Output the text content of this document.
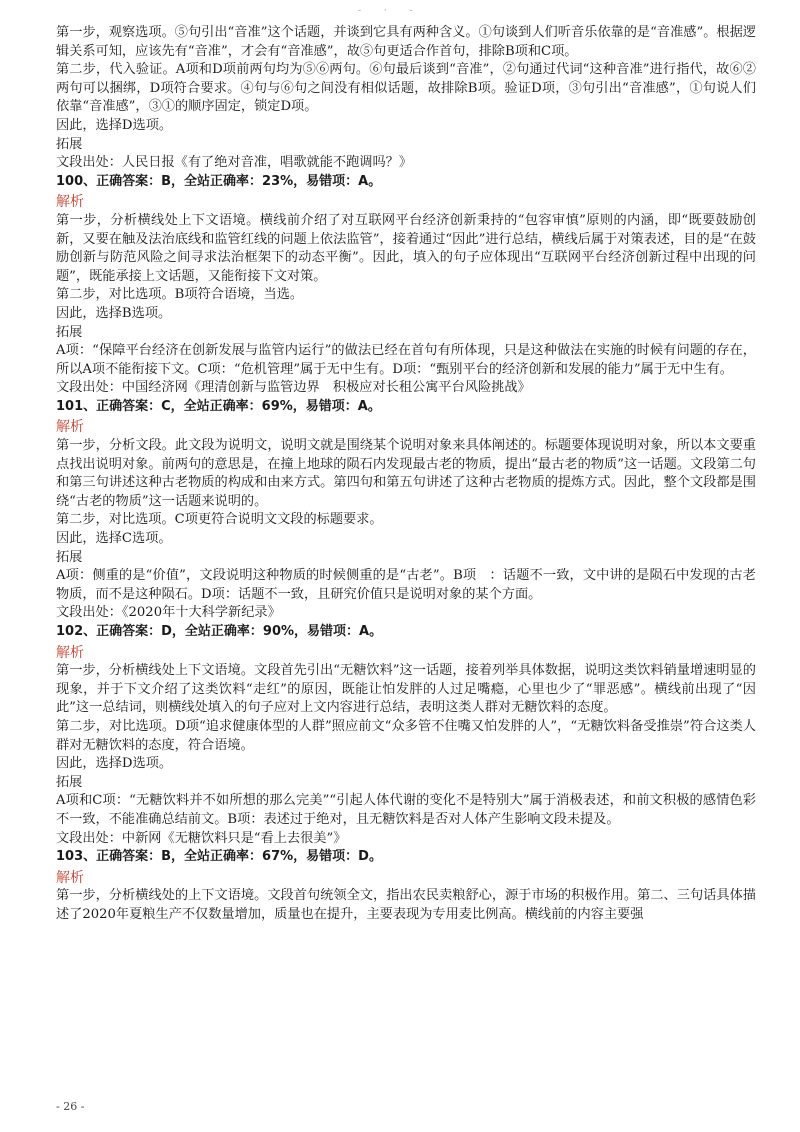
- · -

第一步，观察选项。⑤句引出“音准”这个话题，并谈到它具有两种含义。①句谈到人们听音乐依靠的是“音准感”。根据逻辑关系可知，应该先有“音准”，才会有“音准感”，故⑤句更适合作首句，排除B项和C项。

第二步，代入验证。A项和D项前两句均为⑤⑥两句。⑥句最后谈到“音准”，②句通过代词“这种音准”进行指代，故⑥②两句可以捆绑，D项符合要求。④句与⑥句之间没有相似话题，故排除B项。验证D项，③句引出“音准感”，①句说人们依靠“音准感”，③①的顺序固定，锁定D项。

因此，选择D选项。

拓展

文段出处：人民日报《有了绝对音准，唱歌就能不跑调吗？》

100、正确答案：B，全站正确率：23%，易错项：A。

解析

第一步，分析横线处上下文语境。横线前介绍了对互联网平台经济创新秉持的“包容审慎”原则的内涵，即“既要鼓励创新，又要在触及法治底线和监管红线的问题上依法监管”，接着通过“因此”进行总结，横线后属于对策表述，目的是“在鼓励创新与防范风险之间寻求法治框架下的动态平衡”。因此，填入的句子应体现出“互联网平台经济创新过程中出现的问题”，既能承接上文话题，又能衔接下文对策。

第二步，对比选项。B项符合语境，当选。

因此，选择B选项。

拓展

A项：“保障平台经济在创新发展与监管内运行”的做法已经在首句有所体现，只是这种做法在实施的时候有问题的存在，所以A项不能衔接下文。C项：“危机管理”属于无中生有。D项：“甄别平台的经济创新和发展的能力”属于无中生有。

文段出处：中国经济网《理清创新与监管边界　积极应对长租公寓平台风险挑战》

101、正确答案：C，全站正确率：69%，易错项：A。

解析

第一步，分析文段。此文段为说明文，说明文就是围绕某个说明对象来具体阐述的。标题要体现说明对象，所以本文要重点找出说明对象。前两句的意思是，在撞上地球的陨石内发现最古老的物质，提出“最古老的物质”这一话题。文段第二句和第三句讲述这种古老物质的构成和由来方式。第四句和第五句讲述了这种古老物质的提炼方式。因此，整个文段都是围绕“古老的物质”这一话题来说明的。

第二步，对比选项。C项更符合说明文文段的标题要求。

因此，选择C选项。

拓展

A项：侧重的是“价值”，文段说明这种物质的时候侧重的是“古老”。B项　：话题不一致，文中讲的是陨石中发现的古老物质，而不是这种陨石。D项：话题不一致，且研究价值只是说明对象的某个方面。

文段出处：《2020年十大科学新纪录》

102、正确答案：D，全站正确率：90%，易错项：A。

解析

第一步，分析横线处上下文语境。文段首先引出“无糖饮料”这一话题，接着列举具体数据，说明这类饮料销量增速明显的现象，并于下文介绍了这类饮料“走红”的原因，既能让怕发胖的人过足嘴瘾，心里也少了“罪恶感”。横线前出现了“因此”这一总结词，则横线处填入的句子应对上文内容进行总结，表明这类人群对无糖饮料的态度。

第二步，对比选项。D项“追求健康体型的人群”照应前文“众多管不住嘴又怕发胖的人”，“无糖饮料备受推崇”符合这类人群对无糖饮料的态度，符合语境。

因此，选择D选项。

拓展

A项和C项：“无糖饮料并不如所想的那么完美”“引起人体代谢的变化不是特别大”属于消极表述，和前文积极的感情色彩不一致，不能准确总结前文。B项：表述过于绝对，且无糖饮料是否对人体产生影响文段未提及。

文段出处：中新网《无糖饮料只是“看上去很美”》

103、正确答案：B，全站正确率：67%，易错项：D。

解析

第一步，分析横线处的上下文语境。文段首句统领全文，指出农民卖粮舒心，源于市场的积极作用。第二、三句话具体描述了2020年夏粮生产不仅数量增加，质量也在提升，主要表现为专用麦比例高。横线前的内容主要强

- 26 -
